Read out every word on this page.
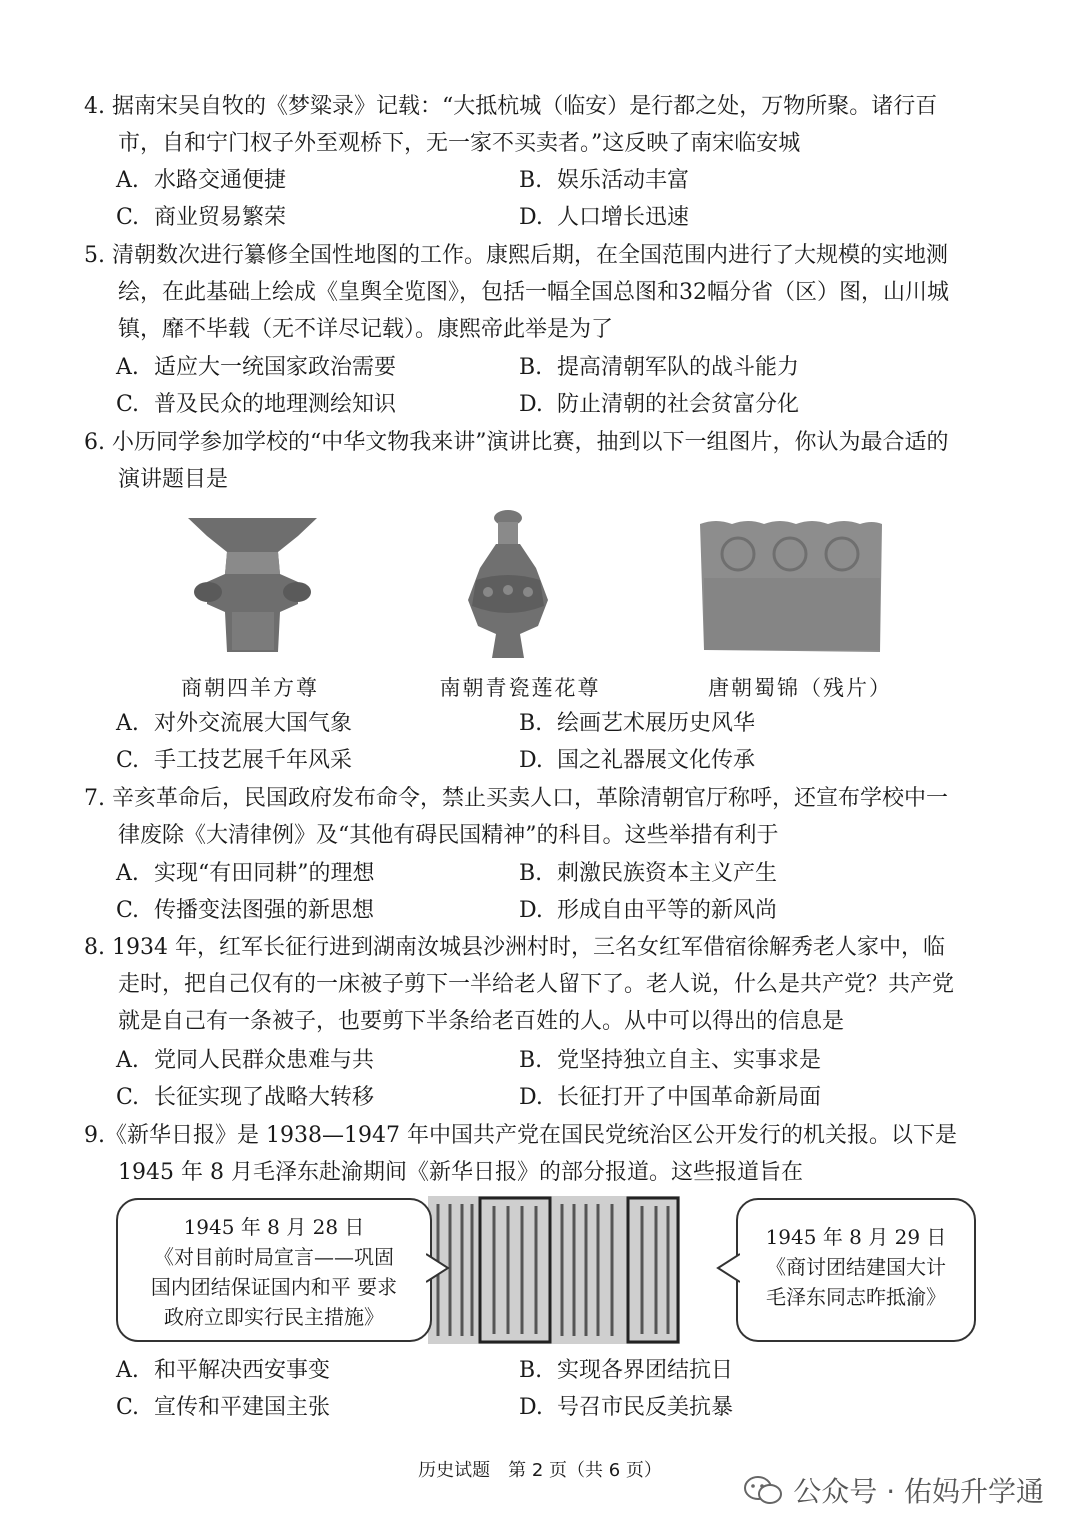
4. 据南宋吴自牧的《梦粱录》记载：“大抵杭城（临安）是行都之处，万物所聚。诸行百市，自和宁门杈子外至观桥下，无一家不买卖者。”这反映了南宋临安城
A. 水路交通便捷	B. 娱乐活动丰富
C. 商业贸易繁荣	D. 人口增长迅速
5. 清朝数次进行纂修全国性地图的工作。康熙后期，在全国范围内进行了大规模的实地测绘，在此基础上绘成《皇舆全览图》，包括一幅全国总图和32幅分省（区）图，山川城镇，靡不毕载（无不详尽记载）。康熙帝此举是为了
A. 适应大一统国家政治需要	B. 提高清朝军队的战斗能力
C. 普及民众的地理测绘知识	D. 防止清朝的社会贫富分化
6. 小历同学参加学校的“中华文物我来讲”演讲比赛，抽到以下一组图片，你认为最合适的演讲题目是
商朝四羊方尊	南朝青瓷莲花尊	唐朝蜀锦（残片）
A. 对外交流展大国气象	B. 绘画艺术展历史风华
C. 手工技艺展千年风采	D. 国之礼器展文化传承
7. 辛亥革命后，民国政府发布命令，禁止买卖人口，革除清朝官厅称呼，还宣布学校中一律废除《大清律例》及“其他有碍民国精神”的科目。这些举措有利于
A. 实现“有田同耕”的理想	B. 刺激民族资本主义产生
C. 传播变法图强的新思想	D. 形成自由平等的新风尚
8. 1934 年，红军长征行进到湖南汝城县沙洲村时，三名女红军借宿徐解秀老人家中，临走时，把自己仅有的一床被子剪下一半给老人留下了。老人说，什么是共产党？共产党就是自己有一条被子，也要剪下半条给老百姓的人。从中可以得出的信息是
A. 党同人民群众患难与共	B. 党坚持独立自主、实事求是
C. 长征实现了战略大转移	D. 长征打开了中国革命新局面
9.《新华日报》是 1938—1947 年中国共产党在国民党统治区公开发行的机关报。以下是 1945 年 8 月毛泽东赴渝期间《新华日报》的部分报道。这些报道旨在
1945 年 8 月 28 日
《对目前时局宣言——巩固
国内团结保证国内和平 要求
政府立即实行民主措施》
1945 年 8 月 29 日
《商讨团结建国大计
毛泽东同志昨抵渝》
A. 和平解决西安事变	B. 实现各界团结抗日
C. 宣传和平建国主张	D. 号召市民反美抗暴
历史试题　第 2 页（共 6 页）
公众号 · 佑妈升学通
